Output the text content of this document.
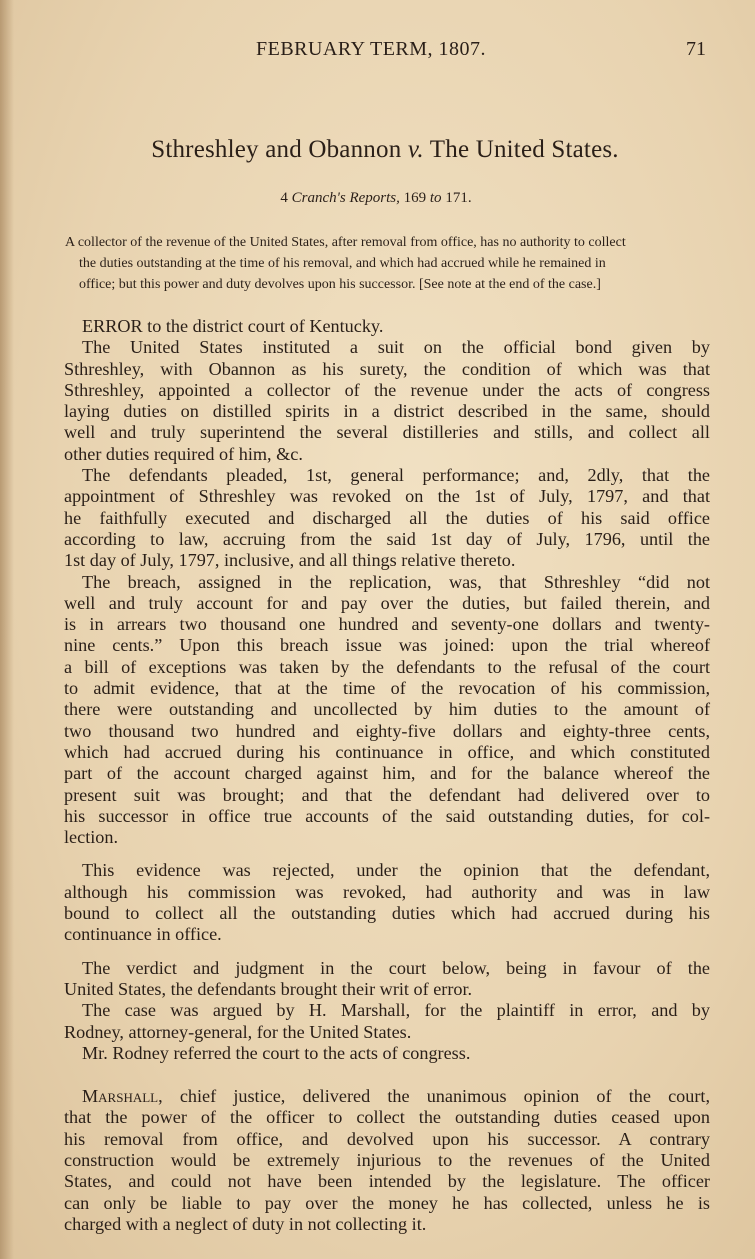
FEBRUARY TERM, 1807.	71
Sthreshley and Obannon v. The United States.
4 Cranch's Reports, 169 to 171.
A collector of the revenue of the United States, after removal from office, has no authority to collect
the duties outstanding at the time of his removal, and which had accrued while he remained in
office; but this power and duty devolves upon his successor. [See note at the end of the case.]
ERROR to the district court of Kentucky.
The United States instituted a suit on the official bond given by
Sthreshley, with Obannon as his surety, the condition of which was that
Sthreshley, appointed a collector of the revenue under the acts of congress
laying duties on distilled spirits in a district described in the same, should
well and truly superintend the several distilleries and stills, and collect all
other duties required of him, &c.
The defendants pleaded, 1st, general performance; and, 2dly, that the
appointment of Sthreshley was revoked on the 1st of July, 1797, and that
he faithfully executed and discharged all the duties of his said office
according to law, accruing from the said 1st day of July, 1796, until the
1st day of July, 1797, inclusive, and all things relative thereto.
The breach, assigned in the replication, was, that Sthreshley “did not
well and truly account for and pay over the duties, but failed therein, and
is in arrears two thousand one hundred and seventy-one dollars and twenty-
nine cents.” Upon this breach issue was joined: upon the trial whereof
a bill of exceptions was taken by the defendants to the refusal of the court
to admit evidence, that at the time of the revocation of his commission,
there were outstanding and uncollected by him duties to the amount of
two thousand two hundred and eighty-five dollars and eighty-three cents,
which had accrued during his continuance in office, and which constituted
part of the account charged against him, and for the balance whereof the
present suit was brought; and that the defendant had delivered over to
his successor in office true accounts of the said outstanding duties, for col-
lection.
This evidence was rejected, under the opinion that the defendant,
although his commission was revoked, had authority and was in law
bound to collect all the outstanding duties which had accrued during his
continuance in office.
The verdict and judgment in the court below, being in favour of the
United States, the defendants brought their writ of error.
The case was argued by H. Marshall, for the plaintiff in error, and by
Rodney, attorney-general, for the United States.
Mr. Rodney referred the court to the acts of congress.
Marshall, chief justice, delivered the unanimous opinion of the court,
that the power of the officer to collect the outstanding duties ceased upon
his removal from office, and devolved upon his successor. A contrary
construction would be extremely injurious to the revenues of the United
States, and could not have been intended by the legislature. The officer
can only be liable to pay over the money he has collected, unless he is
charged with a neglect of duty in not collecting it.
